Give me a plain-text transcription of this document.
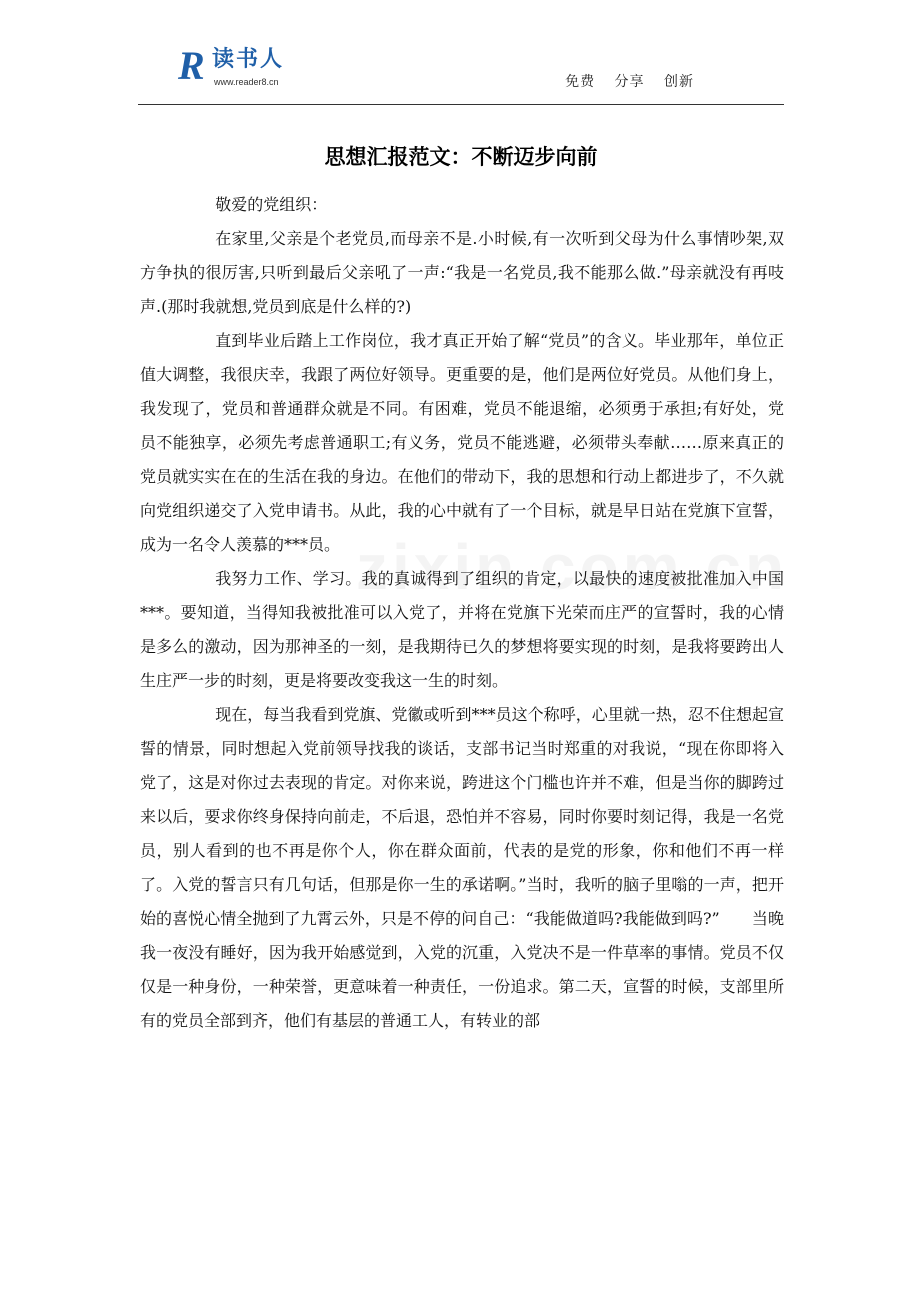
R 读书人
www.reader8.cn	免费 分享 创新
思想汇报范文：不断迈步向前

敬爱的党组织：

在家里,父亲是个老党员,而母亲不是.小时候,有一次听到父母为什么事情吵架,双方争执的很厉害,只听到最后父亲吼了一声:“我是一名党员,我不能那么做.”母亲就没有再吱声.(那时我就想,党员到底是什么样的?)

直到毕业后踏上工作岗位，我才真正开始了解“党员”的含义。毕业那年，单位正值大调整，我很庆幸，我跟了两位好领导。更重要的是，他们是两位好党员。从他们身上，我发现了，党员和普通群众就是不同。有困难，党员不能退缩，必须勇于承担;有好处，党员不能独享，必须先考虑普通职工;有义务，党员不能逃避，必须带头奉献……原来真正的党员就实实在在的生活在我的身边。在他们的带动下，我的思想和行动上都进步了，不久就向党组织递交了入党申请书。从此，我的心中就有了一个目标，就是早日站在党旗下宣誓，成为一名令人羡慕的***员。

我努力工作、学习。我的真诚得到了组织的肯定，以最快的速度被批准加入中国***。要知道，当得知我被批准可以入党了，并将在党旗下光荣而庄严的宣誓时，我的心情是多么的激动，因为那神圣的一刻，是我期待已久的梦想将要实现的时刻，是我将要跨出人生庄严一步的时刻，更是将要改变我这一生的时刻。

现在，每当我看到党旗、党徽或听到***员这个称呼，心里就一热，忍不住想起宣誓的情景，同时想起入党前领导找我的谈话，支部书记当时郑重的对我说，“现在你即将入党了，这是对你过去表现的肯定。对你来说，跨进这个门槛也许并不难，但是当你的脚跨过来以后，要求你终身保持向前走，不后退，恐怕并不容易，同时你要时刻记得，我是一名党员，别人看到的也不再是你个人，你在群众面前，代表的是党的形象，你和他们不再一样了。入党的誓言只有几句话，但那是你一生的承诺啊。”当时，我听的脑子里嗡的一声，把开始的喜悦心情全抛到了九霄云外，只是不停的问自己：“我能做道吗?我能做到吗?”　　当晚我一夜没有睡好，因为我开始感觉到，入党的沉重，入党决不是一件草率的事情。党员不仅仅是一种身份，一种荣誉，更意味着一种责任，一份追求。第二天，宣誓的时候，支部里所有的党员全部到齐，他们有基层的普通工人，有转业的部
